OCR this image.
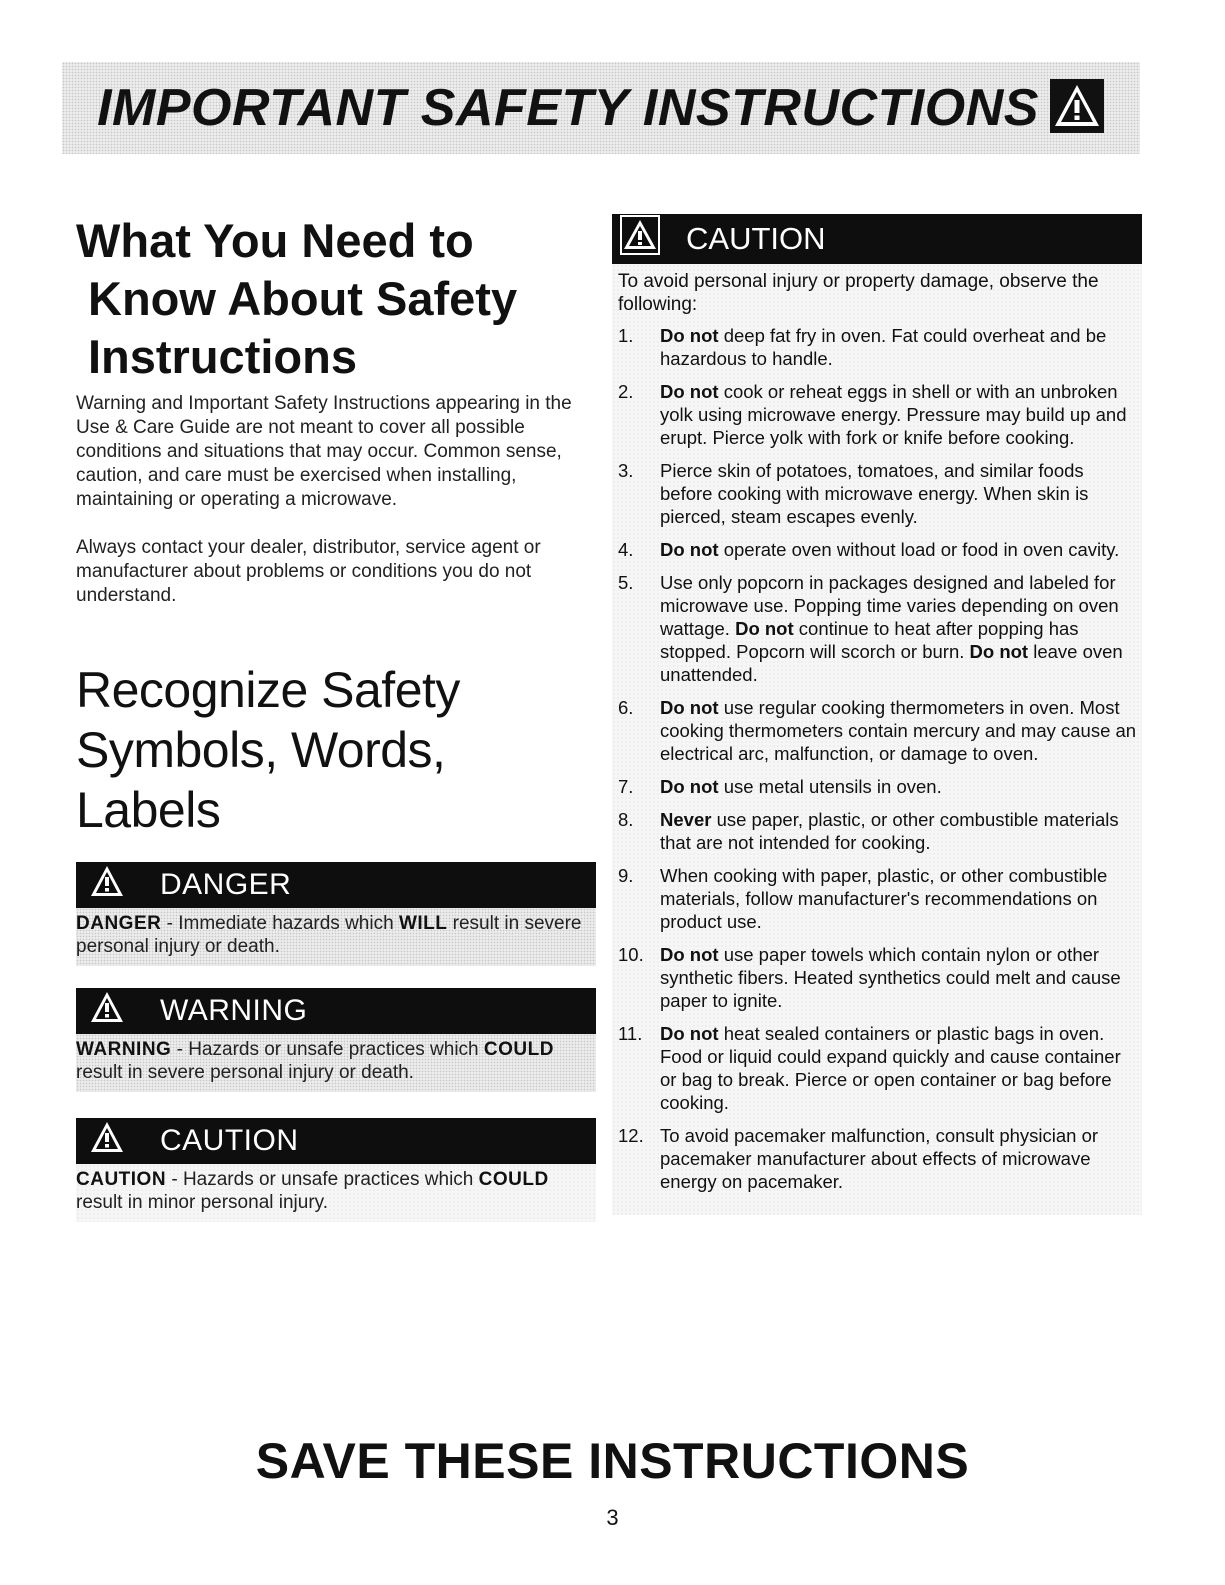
IMPORTANT SAFETY INSTRUCTIONS
What You Need to
Know About Safety
Instructions

Warning and Important Safety Instructions appearing in the Use & Care Guide are not meant to cover all possible conditions and situations that may occur. Common sense, caution, and care must be exercised when installing, maintaining or operating a microwave.

Always contact your dealer, distributor, service agent or manufacturer about problems or conditions you do not understand.

Recognize Safety
Symbols, Words, Labels
DANGER
DANGER - Immediate hazards which WILL result in severe personal injury or death.
WARNING
WARNING - Hazards or unsafe practices which COULD result in severe personal injury or death.
CAUTION
CAUTION - Hazards or unsafe practices which COULD result in minor personal injury.
CAUTION

To avoid personal injury or property damage, observe the following:

1.	Do not deep fat fry in oven. Fat could overheat and be hazardous to handle.
2.	Do not cook or reheat eggs in shell or with an unbroken yolk using microwave energy. Pressure may build up and erupt. Pierce yolk with fork or knife before cooking.
3.	Pierce skin of potatoes, tomatoes, and similar foods before cooking with microwave energy. When skin is pierced, steam escapes evenly.
4.	Do not operate oven without load or food in oven cavity.
5.	Use only popcorn in packages designed and labeled for microwave use. Popping time varies depending on oven wattage. Do not continue to heat after popping has stopped. Popcorn will scorch or burn. Do not leave oven unattended.
6.	Do not use regular cooking thermometers in oven. Most cooking thermometers contain mercury and may cause an electrical arc, malfunction, or damage to oven.
7.	Do not use metal utensils in oven.
8.	Never use paper, plastic, or other combustible materials that are not intended for cooking.
9.	When cooking with paper, plastic, or other combustible materials, follow manufacturer's recommendations on product use.
10. Do not use paper towels which contain nylon or other synthetic fibers. Heated synthetics could melt and cause paper to ignite.
11. Do not heat sealed containers or plastic bags in oven. Food or liquid could expand quickly and cause container or bag to break. Pierce or open container or bag before cooking.
12. To avoid pacemaker malfunction, consult physician or pacemaker manufacturer about effects of microwave energy on pacemaker.
SAVE THESE INSTRUCTIONS
3
